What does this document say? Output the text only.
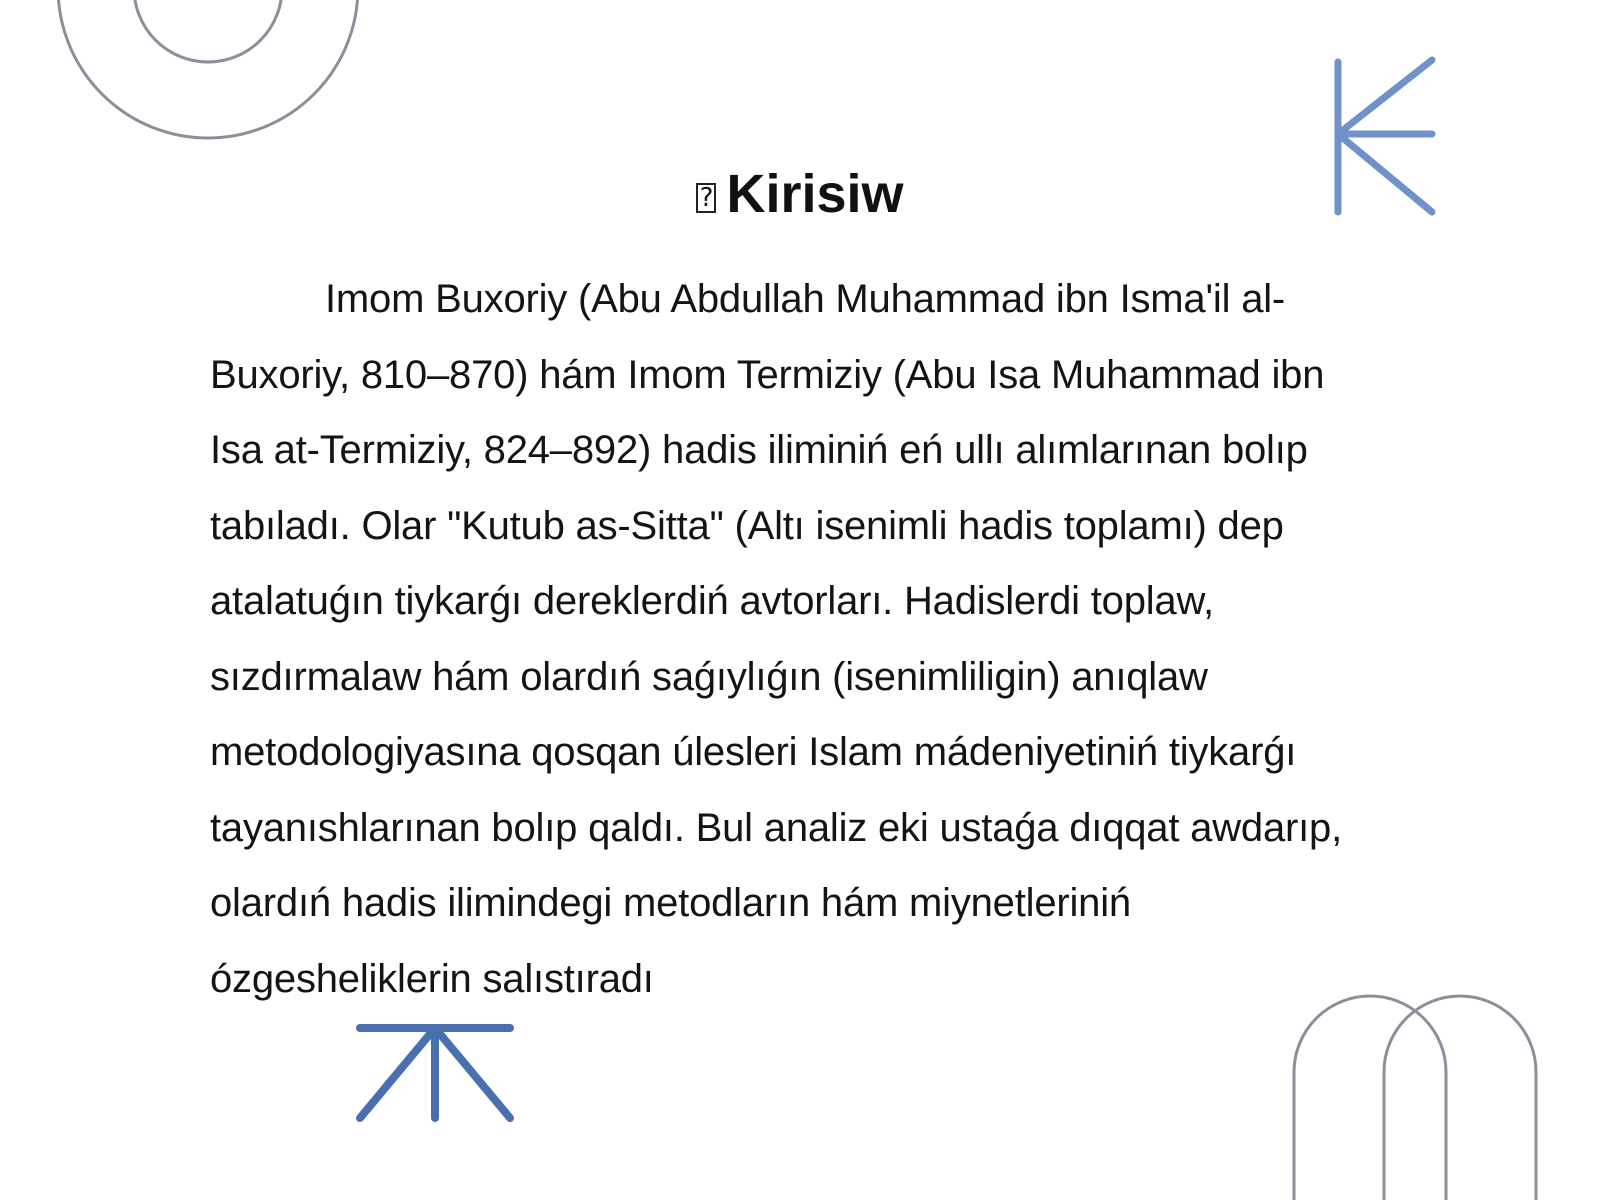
? Kirisiw

Imom Buxoriy (Abu Abdullah Muhammad ibn Isma'il al-Buxoriy, 810–870) hám Imom Termiziy (Abu Isa Muhammad ibn Isa at-Termiziy, 824–892) hadis iliminiń eń ullı alımlarınan bolıp tabıladı. Olar "Kutub as-Sitta" (Altı isenimli hadis toplamı) dep atalatuǵın tiykarǵı dereklerdiń avtorları. Hadislerdi toplaw, sızdırmalaw hám olardıń saǵıylıǵın (isenimliligin) anıqlaw metodologiyasına qosqan úlesleri Islam mádeniyetiniń tiykarǵı tayanıshlarınan bolıp qaldı. Bul analiz eki ustaǵa dıqqat awdarıp, olardıń hadis ilimindegi metodların hám miynetleriniń ózgesheliklerin salıstıradı
